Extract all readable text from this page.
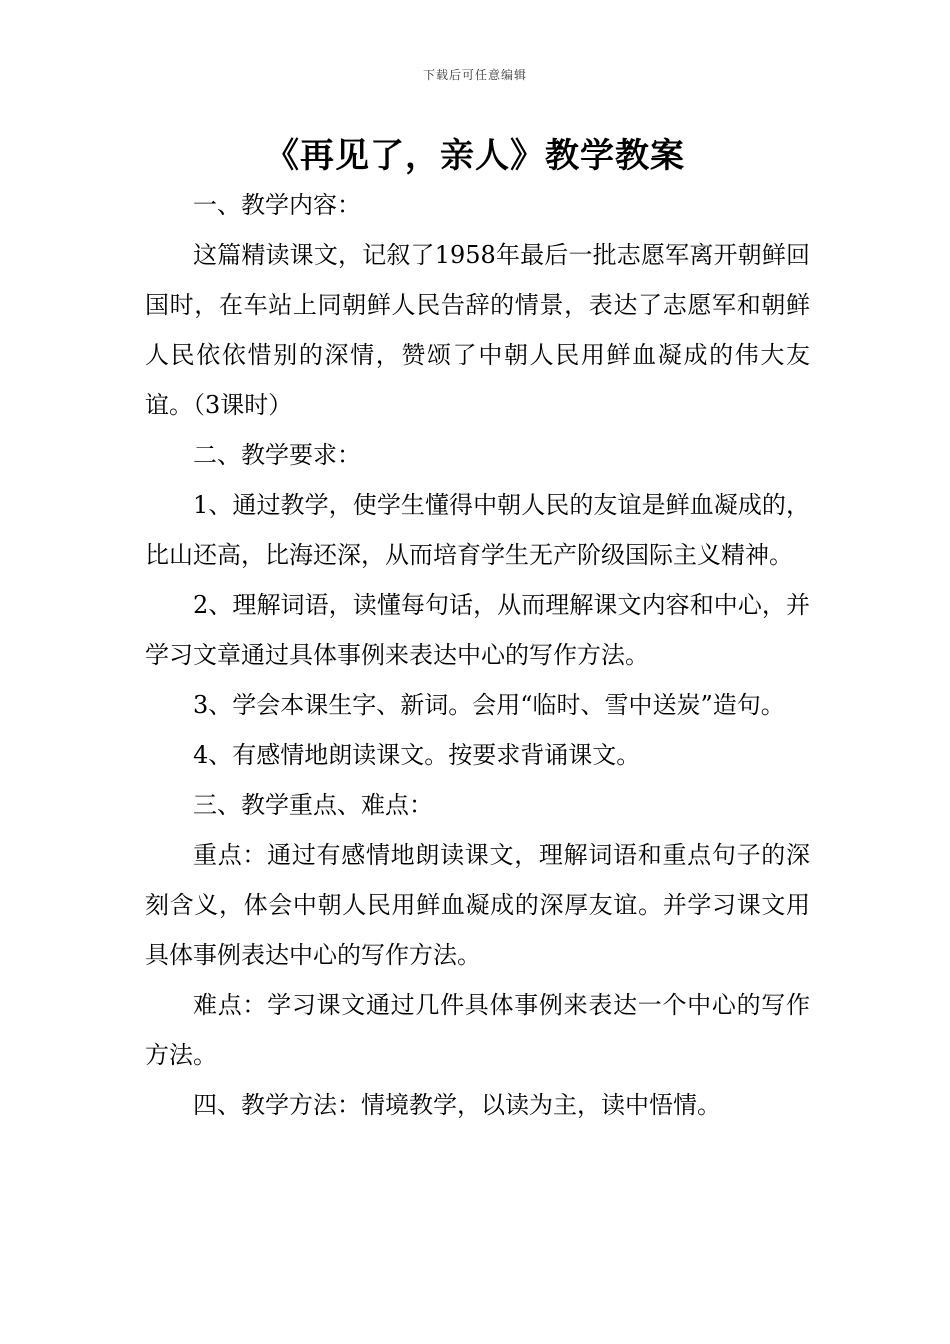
下载后可任意编辑
《再见了，亲人》教学教案

一、教学内容：

这篇精读课文，记叙了1958年最后一批志愿军离开朝鲜回国时，在车站上同朝鲜人民告辞的情景，表达了志愿军和朝鲜人民依依惜别的深情，赞颂了中朝人民用鲜血凝成的伟大友谊。（3课时）

二、教学要求：

1、通过教学，使学生懂得中朝人民的友谊是鲜血凝成的，比山还高，比海还深，从而培育学生无产阶级国际主义精神。

2、理解词语，读懂每句话，从而理解课文内容和中心，并学习文章通过具体事例来表达中心的写作方法。

3、学会本课生字、新词。会用“临时、雪中送炭”造句。

4、有感情地朗读课文。按要求背诵课文。

三、教学重点、难点：

重点：通过有感情地朗读课文，理解词语和重点句子的深刻含义，体会中朝人民用鲜血凝成的深厚友谊。并学习课文用具体事例表达中心的写作方法。

难点：学习课文通过几件具体事例来表达一个中心的写作方法。

四、教学方法：情境教学，以读为主，读中悟情。
